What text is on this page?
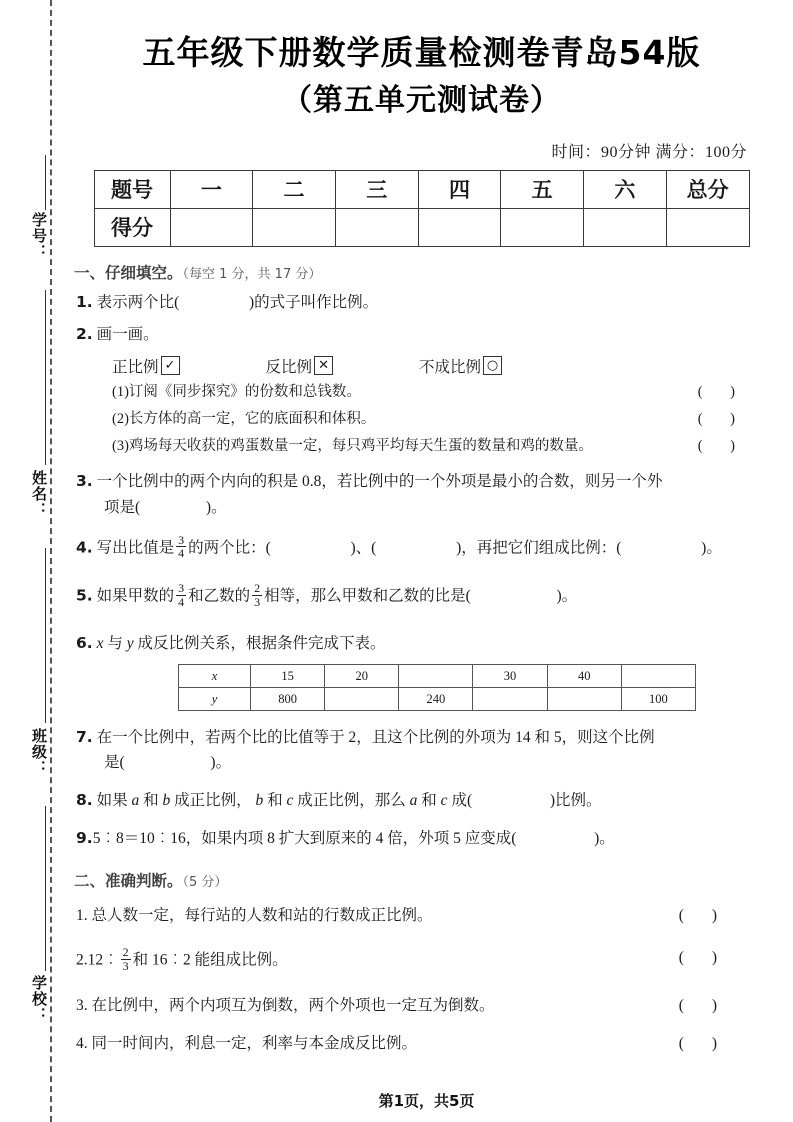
学号：
姓名：
班级：
学校：
五年级下册数学质量检测卷青岛54版
（第五单元测试卷）
时间：90分钟 满分：100分
题号	一	二	三	四	五	六	总分
得分							
一、仔细填空。（每空 1 分，共 17 分）
1. 表示两个比(	)的式子叫作比例。
2. 画一画。
正比例 ✓	反比例 ✕	不成比例 ○
(1)订阅《同步探究》的份数和总钱数。	( )
(2)长方体的高一定，它的底面积和体积。	( )
(3)鸡场每天收获的鸡蛋数量一定，每只鸡平均每天生蛋的数量和鸡的数量。	( )
3. 一个比例中的两个内向的积是 0.8，若比例中的一个外项是最小的合数，则另一个外
项是(	)。
4. 写出比值是 $\frac{3}{4}$ 的两个比：(	)、(	)，再把它们组成比例：(	)。
5. 如果甲数的 $\frac{3}{4}$ 和乙数的 $\frac{2}{3}$ 相等，那么甲数和乙数的比是(	)。
6. x 与 y 成反比例关系，根据条件完成下表。
x	15	20		30	40	
y	800		240			100
7. 在一个比例中，若两个比的比值等于 2，且这个比例的外项为 14 和 5，则这个比例
是(	)。
8. 如果 a 和 b 成正比例， b 和 c 成正比例，那么 a 和 c 成(	)比例。
9.5︰8＝10︰16，如果内项 8 扩大到原来的 4 倍，外项 5 应变成(	)。
二、准确判断。（5 分）
1. 总人数一定，每行站的人数和站的行数成正比例。	( )
2.12︰ $\frac{2}{3}$ 和 16︰2 能组成比例。	( )
3. 在比例中，两个内项互为倒数，两个外项也一定互为倒数。	( )
4. 同一时间内，利息一定，利率与本金成反比例。	( )
第1页，共5页
